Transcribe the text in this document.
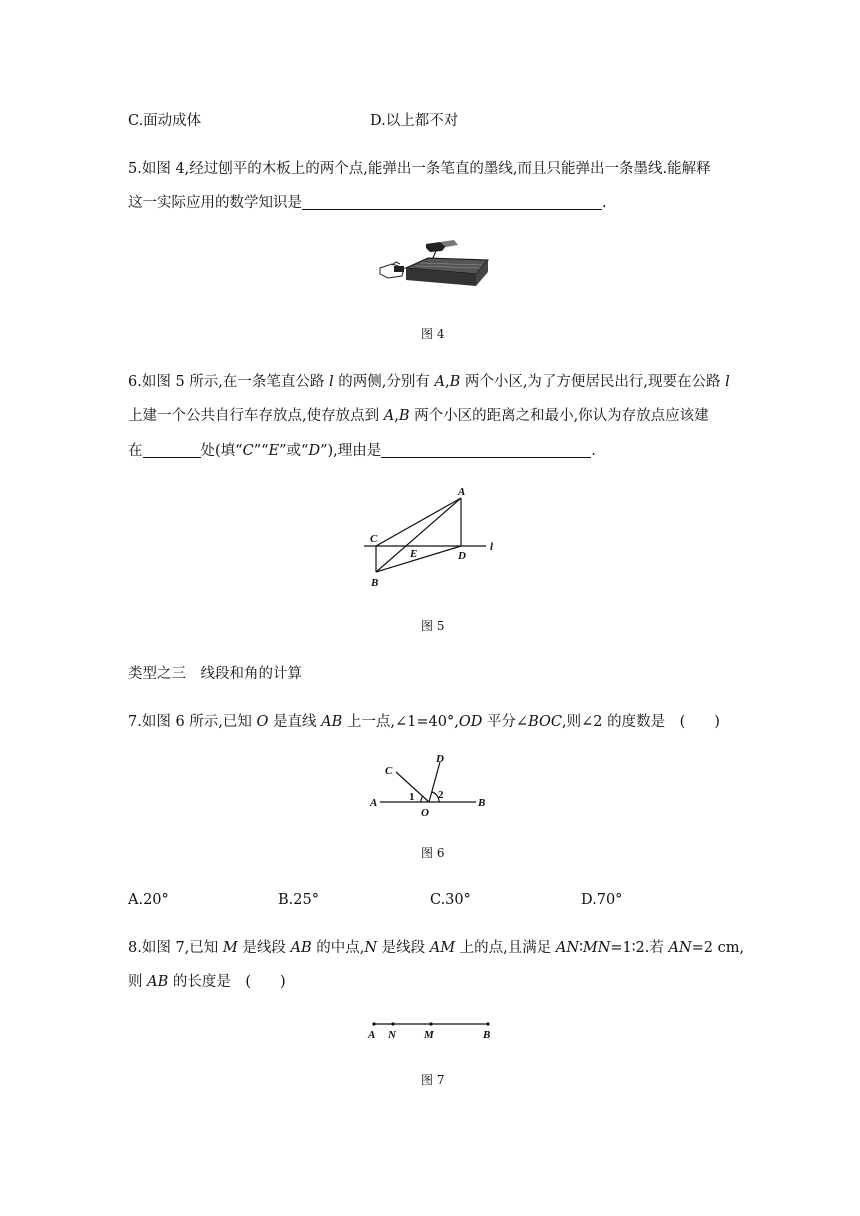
C.面动成体	D.以上都不对
5.如图 4,经过刨平的木板上的两个点,能弹出一条笔直的墨线,而且只能弹出一条墨线.能解释
这一实际应用的数学知识是	.
图 4
6.如图 5 所示,在一条笔直公路 l 的两侧,分别有 A,B 两个小区,为了方便居民出行,现要在公路 l
上建一个公共自行车存放点,使存放点到 A,B 两个小区的距离之和最小,你认为存放点应该建
在	处(填“C”“E”或“D”),理由是	.
A
C
E	D
B
l
图 5
类型之三　线段和角的计算
7.如图 6 所示,已知 O 是直线 AB 上一点,∠1=40°,OD 平分∠BOC,则∠2 的度数是　(　　)
A	B
C
D
O
1 2
图 6
A.20°	B.25°	C.30°	D.70°
8.如图 7,已知 M 是线段 AB 的中点,N 是线段 AM 上的点,且满足 AN∶MN=1∶2.若 AN=2 cm,
则 AB 的长度是　(　　)
A N	M	B
图 7
